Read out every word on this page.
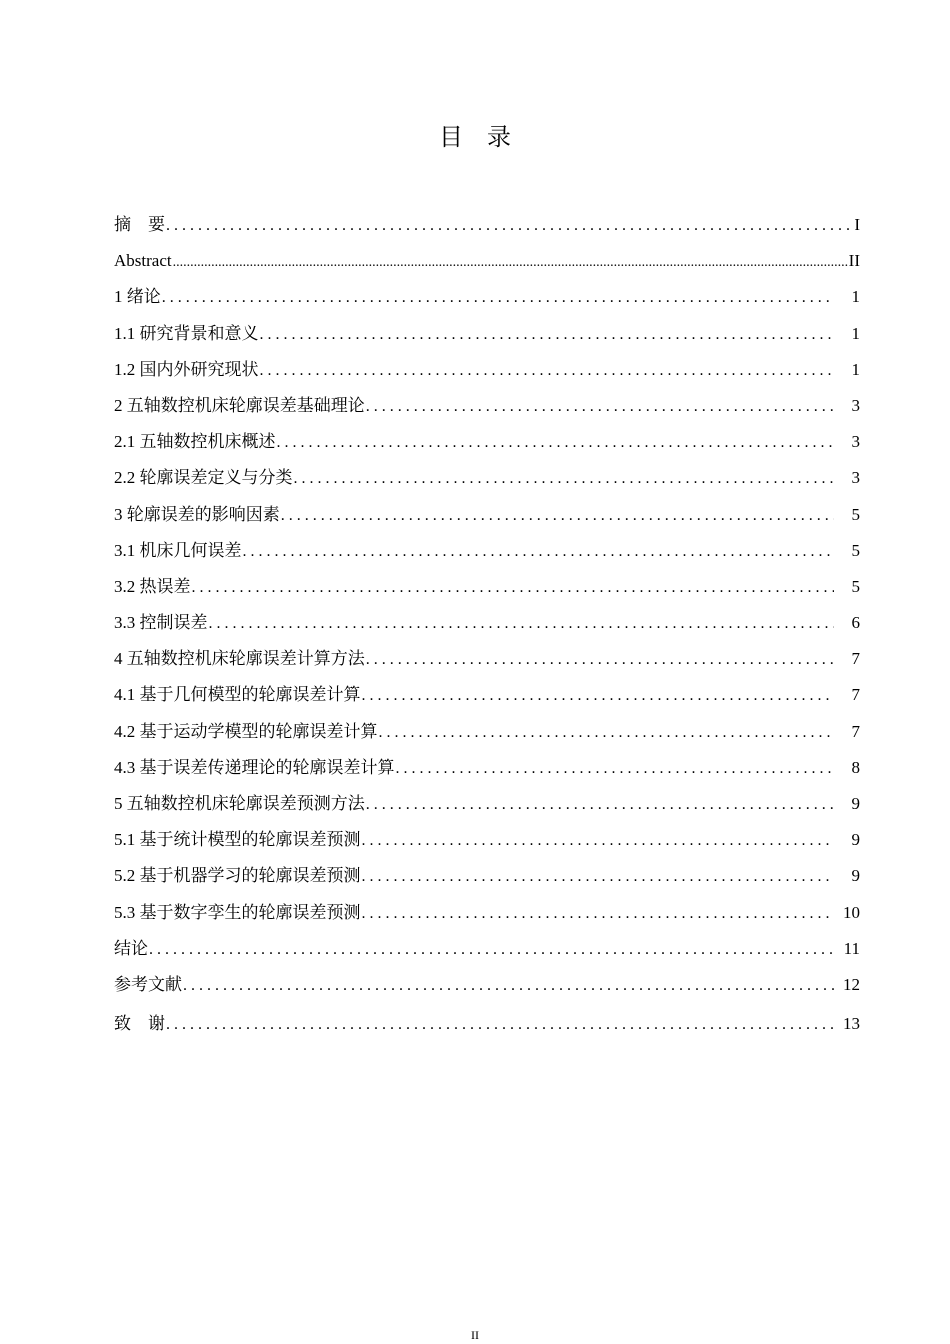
目录
摘　要 .....	I
Abstract .....	II
1 绪论 .....	1
1.1 研究背景和意义 .....	1
1.2 国内外研究现状 .....	1
2 五轴数控机床轮廓误差基础理论 .....	3
2.1 五轴数控机床概述 .....	3
2.2 轮廓误差定义与分类 .....	3
3 轮廓误差的影响因素 .....	5
3.1 机床几何误差 .....	5
3.2 热误差 .....	5
3.3 控制误差 .....	6
4 五轴数控机床轮廓误差计算方法 .....	7
4.1 基于几何模型的轮廓误差计算 .....	7
4.2 基于运动学模型的轮廓误差计算 .....	7
4.3 基于误差传递理论的轮廓误差计算 .....	8
5 五轴数控机床轮廓误差预测方法 .....	9
5.1 基于统计模型的轮廓误差预测 .....	9
5.2 基于机器学习的轮廓误差预测 .....	9
5.3 基于数字孪生的轮廓误差预测 .....	10
结论 .....	11
参考文献 .....	12
致　谢 .....	13
II
